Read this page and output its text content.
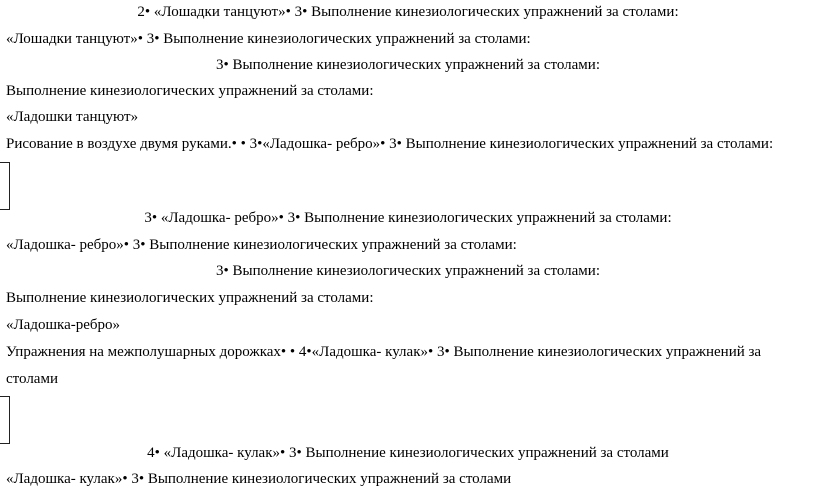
2• «Лошадки танцуют»• 3• Выполнение кинезиологических упражнений за столами:
«Лошадки танцуют»• 3• Выполнение кинезиологических упражнений за столами:
3• Выполнение кинезиологических упражнений за столами:
Выполнение кинезиологических упражнений за столами:
«Ладошки танцуют»
Рисование в воздухе двумя руками.• • 3•«Ладошка- ребро»• 3• Выполнение кинезиологических упражнений за столами:
3• «Ладошка- ребро»• 3• Выполнение кинезиологических упражнений за столами:
«Ладошка- ребро»• 3• Выполнение кинезиологических упражнений за столами:
3• Выполнение кинезиологических упражнений за столами:
Выполнение кинезиологических упражнений за столами:
«Ладошка-ребро»
Упражнения на межполушарных дорожках• • 4•«Ладошка- кулак»• 3• Выполнение кинезиологических упражнений за
столами
4• «Ладошка- кулак»• 3• Выполнение кинезиологических упражнений за столами
«Ладошка- кулак»• 3• Выполнение кинезиологических упражнений за столами
